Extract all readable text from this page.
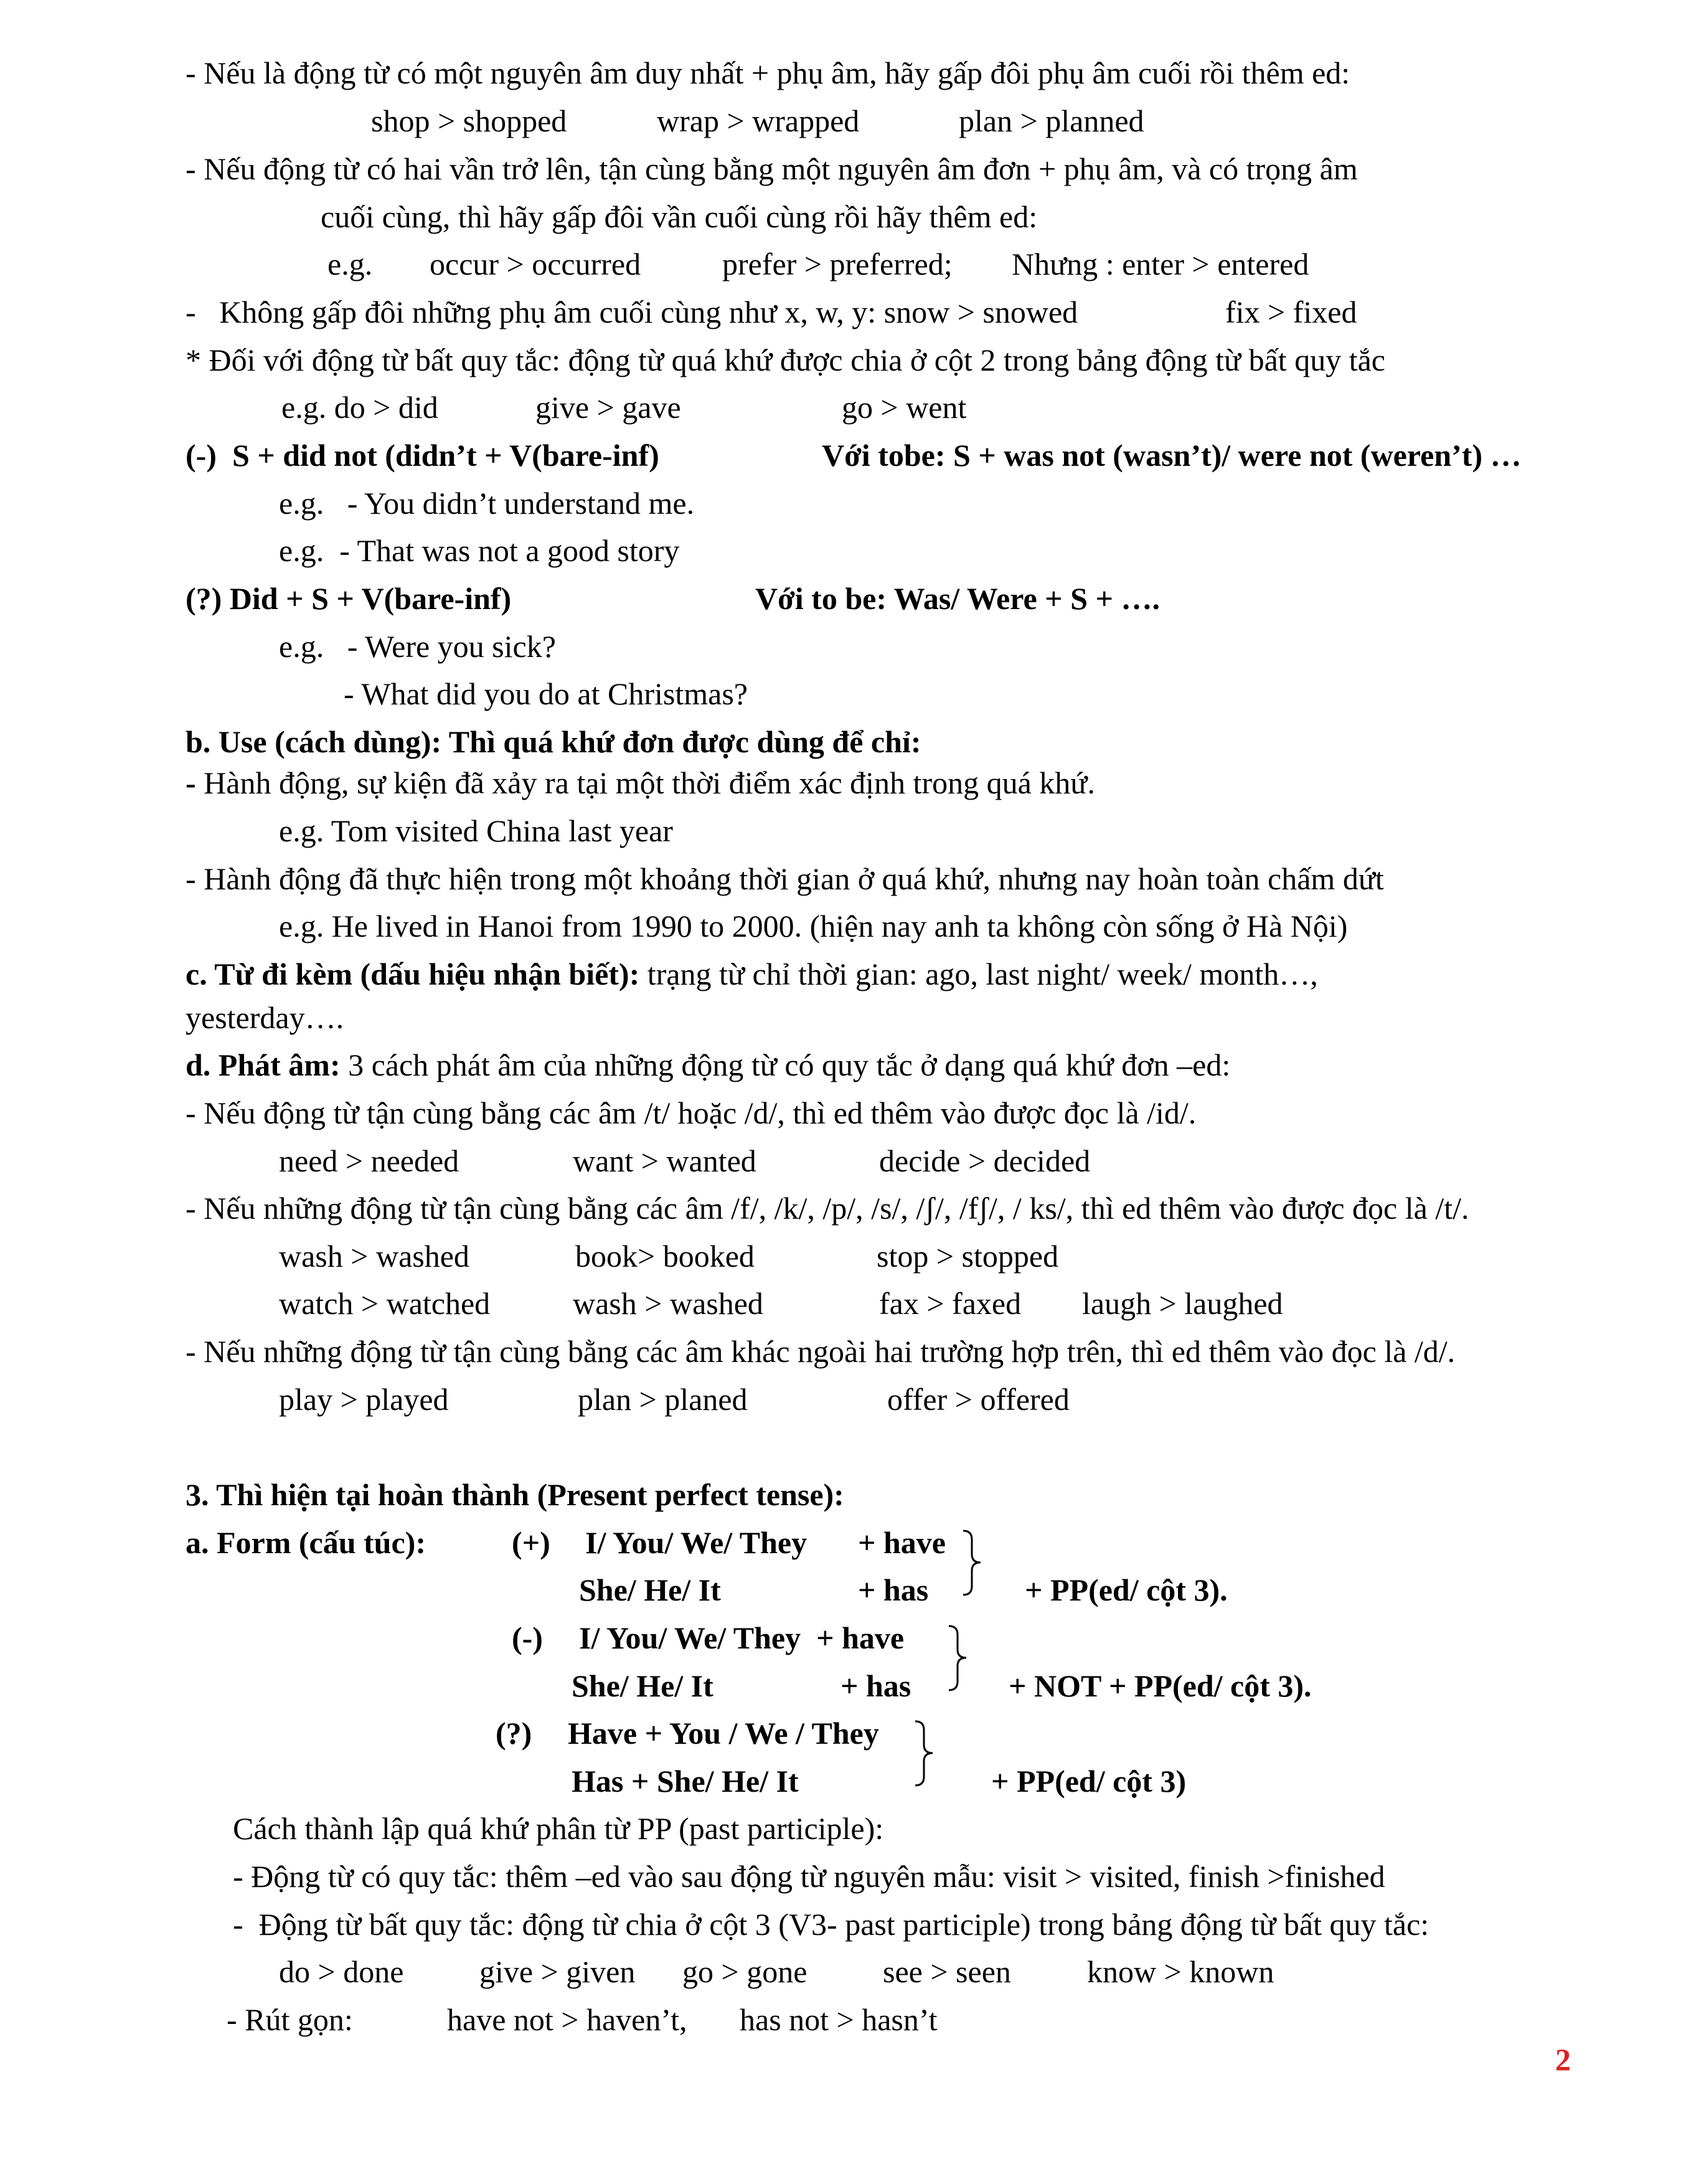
- Nếu là động từ có một nguyên âm duy nhất + phụ âm, hãy gấp đôi phụ âm cuối rồi thêm ed:
shop > shopped	wrap > wrapped	plan > planned
- Nếu động từ có hai vần trở lên, tận cùng bằng một nguyên âm đơn + phụ âm, và có trọng âm
cuối cùng, thì hãy gấp đôi vần cuối cùng rồi hãy thêm ed:
e.g. occur > occurred	prefer > preferred; Nhưng : enter > entered
-   Không gấp đôi những phụ âm cuối cùng như x, w, y: snow > snowed	fix > fixed
* Đối với động từ bất quy tắc: động từ quá khứ được chia ở cột 2 trong bảng động từ bất quy tắc
e.g. do > did	give > gave	go > went
(-)  S + did not (didn’t + V(bare-inf)	Với tobe: S + was not (wasn’t)/ were not (weren’t) …
e.g.   - You didn’t understand me.
e.g.  - That was not a good story
(?) Did + S + V(bare-inf)	Với to be: Was/ Were + S + ….
e.g.   - Were you sick?
- What did you do at Christmas?
b. Use (cách dùng): Thì quá khứ đơn được dùng để chỉ:
- Hành động, sự kiện đã xảy ra tại một thời điểm xác định trong quá khứ.
e.g. Tom visited China last year
- Hành động đã thực hiện trong một khoảng thời gian ở quá khứ, nhưng nay hoàn toàn chấm dứt
e.g. He lived in Hanoi from 1990 to 2000. (hiện nay anh ta không còn sống ở Hà Nội)
c. Từ đi kèm (dấu hiệu nhận biết): trạng từ chỉ thời gian: ago, last night/ week/ month…,
yesterday….
d. Phát âm: 3 cách phát âm của những động từ có quy tắc ở dạng quá khứ đơn –ed:
- Nếu động từ tận cùng bằng các âm /t/ hoặc /d/, thì ed thêm vào được đọc là /id/.
need > needed	want > wanted	decide > decided
- Nếu những động từ tận cùng bằng các âm /f/, /k/, /p/, /s/, /ʃ/, /fʃ/, / ks/, thì ed thêm vào được đọc là /t/.
wash > washed	book> booked	stop > stopped
watch > watched	wash > washed	fax > faxed laugh > laughed
- Nếu những động từ tận cùng bằng các âm khác ngoài hai trường hợp trên, thì ed thêm vào đọc là /d/.
play > played	plan > planed	offer > offered
3. Thì hiện tại hoàn thành (Present perfect tense):
a. Form (cấu túc):	(+) I/ You/ We/ They + have
She/ He/ It	+ has	+ PP(ed/ cột 3).
(-) I/ You/ We/ They  + have
She/ He/ It	+ has	+ NOT + PP(ed/ cột 3).
(?) Have + You / We / They
Has + She/ He/ It	+ PP(ed/ cột 3)
Cách thành lập quá khứ phân từ PP (past participle):
- Động từ có quy tắc: thêm –ed vào sau động từ nguyên mẫu: visit > visited, finish >finished
-  Động từ bất quy tắc: động từ chia ở cột 3 (V3- past participle) trong bảng động từ bất quy tắc:
do > done give > given go > gone see > seen know > known
- Rút gọn:	have not > haven’t, has not > hasn’t
2
